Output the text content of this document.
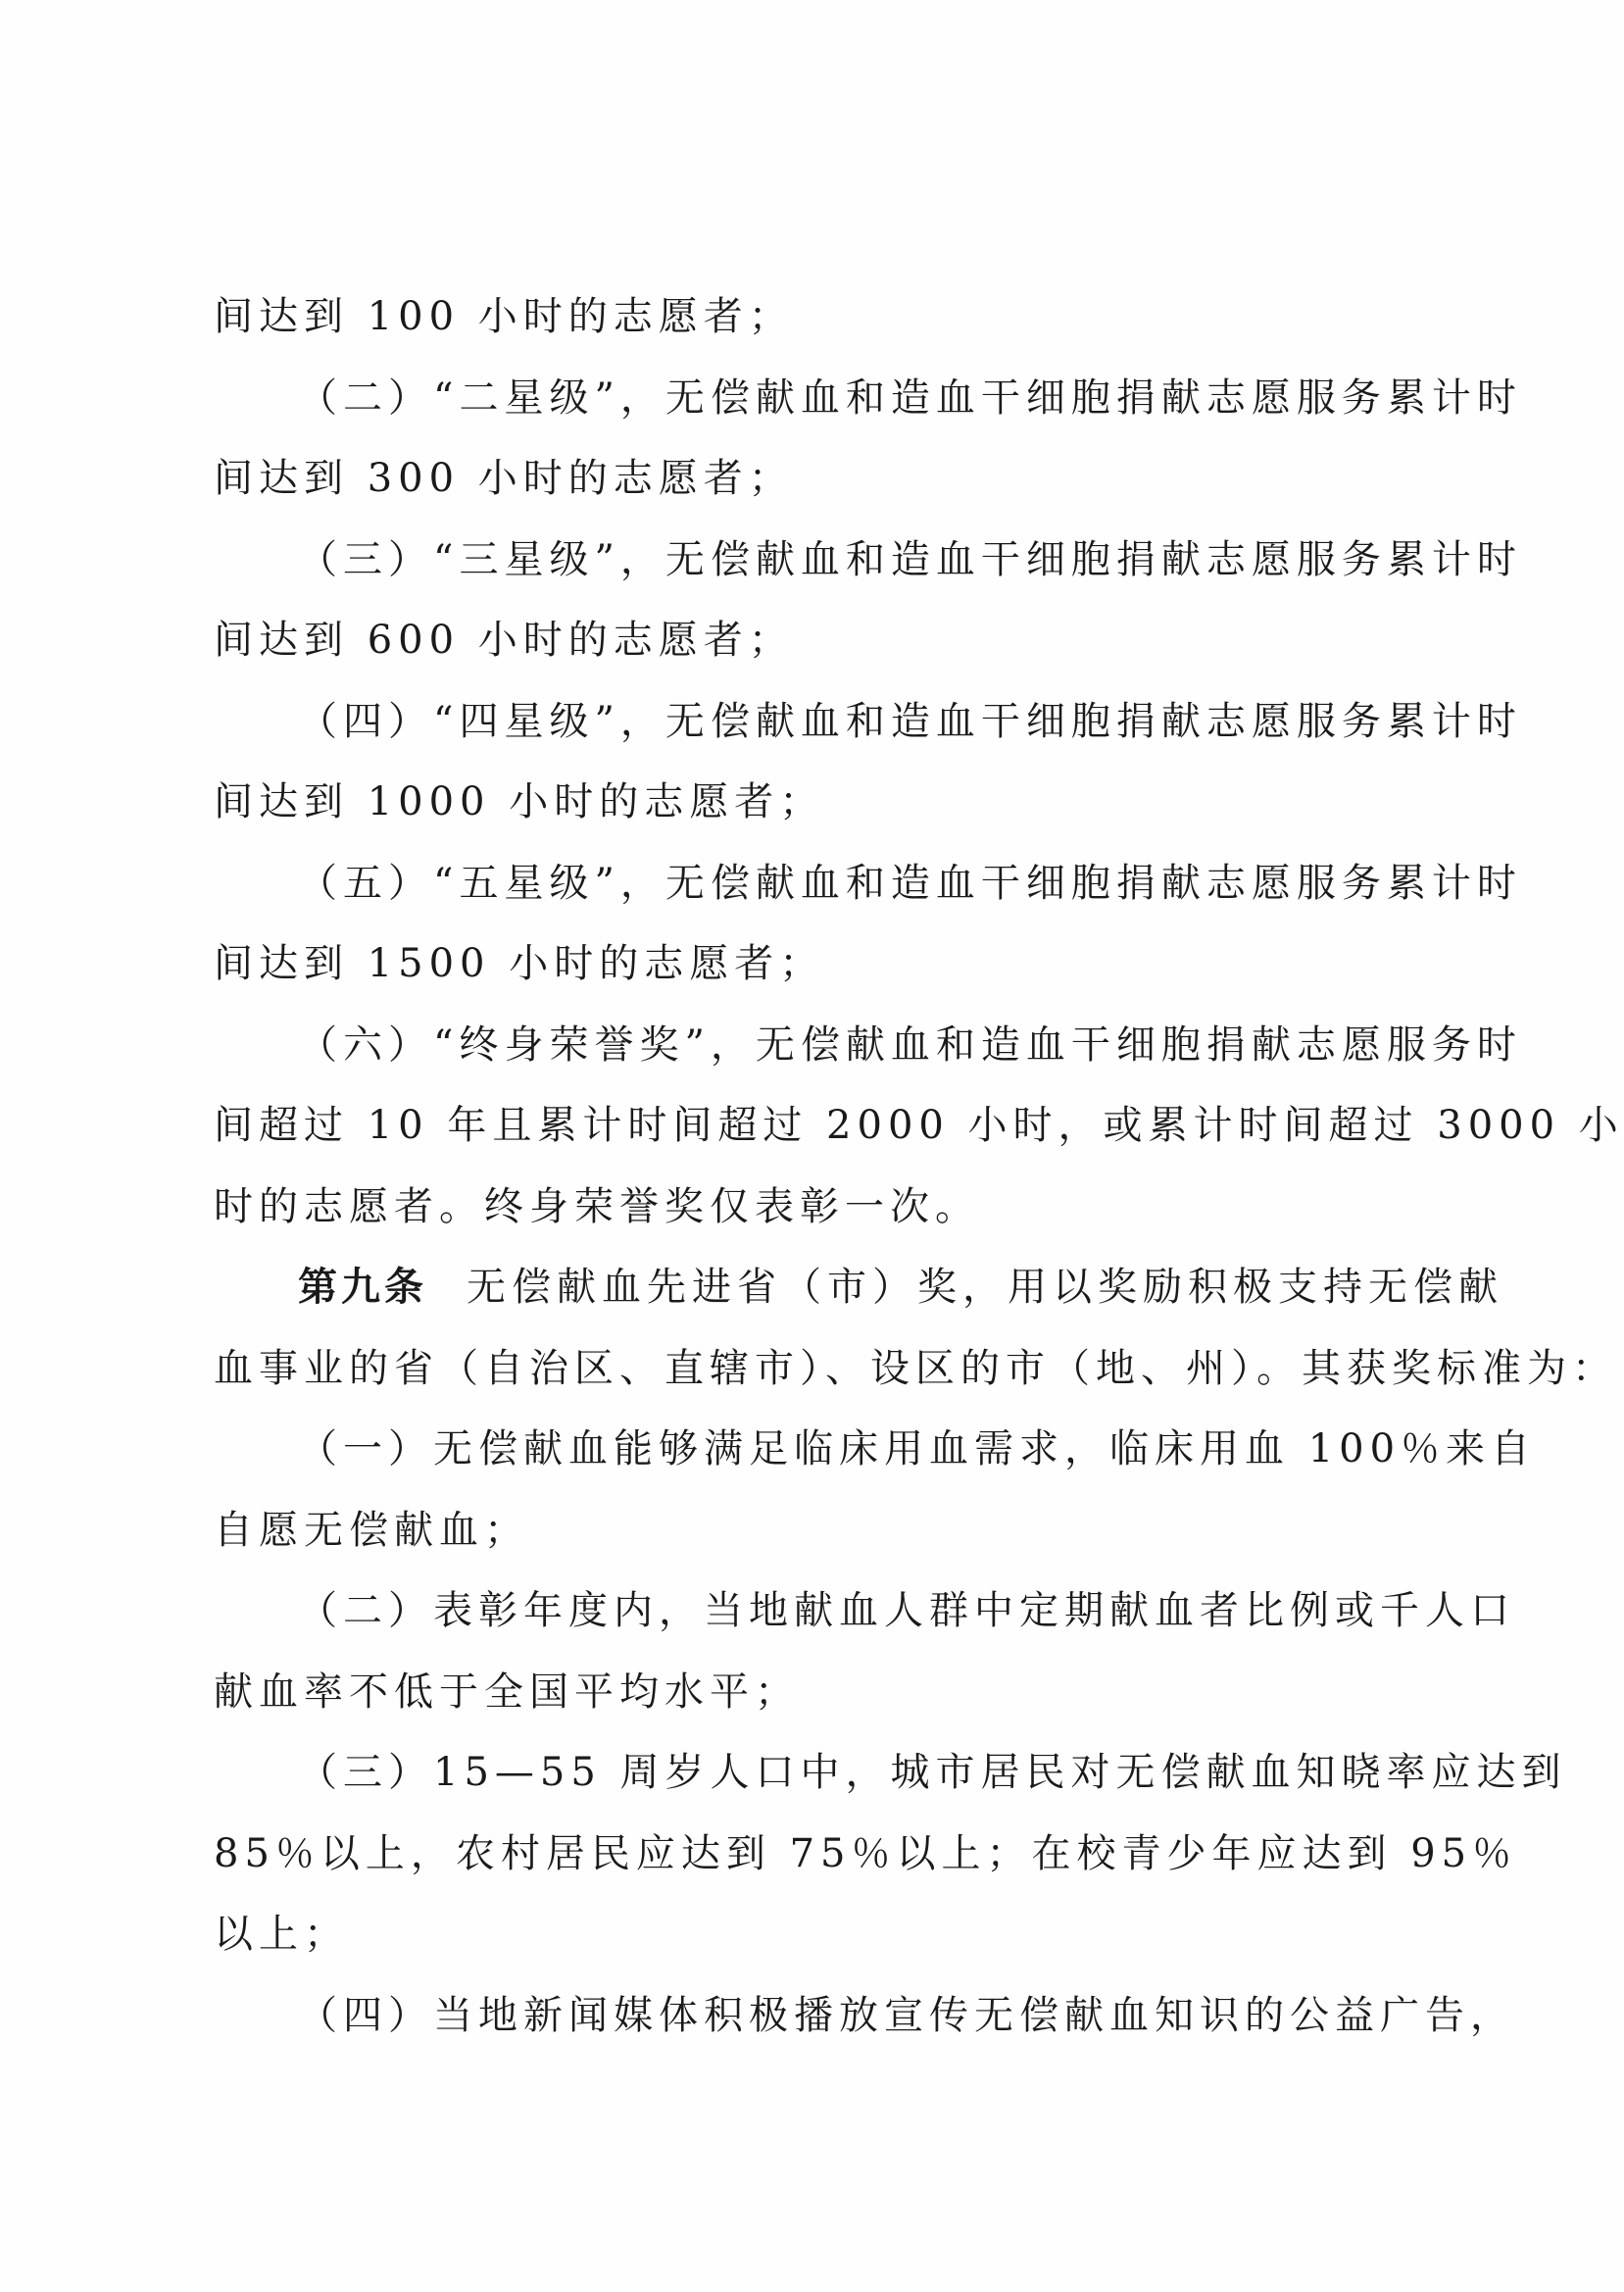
间达到 100 小时的志愿者；
（二）“二星级”，无偿献血和造血干细胞捐献志愿服务累计时
间达到 300 小时的志愿者；
（三）“三星级”，无偿献血和造血干细胞捐献志愿服务累计时
间达到 600 小时的志愿者；
（四）“四星级”，无偿献血和造血干细胞捐献志愿服务累计时
间达到 1000 小时的志愿者；
（五）“五星级”，无偿献血和造血干细胞捐献志愿服务累计时
间达到 1500 小时的志愿者；
（六）“终身荣誉奖”，无偿献血和造血干细胞捐献志愿服务时
间超过 10 年且累计时间超过 2000 小时，或累计时间超过 3000 小
时的志愿者。终身荣誉奖仅表彰一次。
第九条 无偿献血先进省（市）奖，用以奖励积极支持无偿献
血事业的省（自治区、直辖市）、设区的市（地、州）。其获奖标准为：
（一）无偿献血能够满足临床用血需求，临床用血 100％来自
自愿无偿献血；
（二）表彰年度内，当地献血人群中定期献血者比例或千人口
献血率不低于全国平均水平；
（三）15—55 周岁人口中，城市居民对无偿献血知晓率应达到
85％以上，农村居民应达到 75％以上；在校青少年应达到 95％
以上；
（四）当地新闻媒体积极播放宣传无偿献血知识的公益广告，
